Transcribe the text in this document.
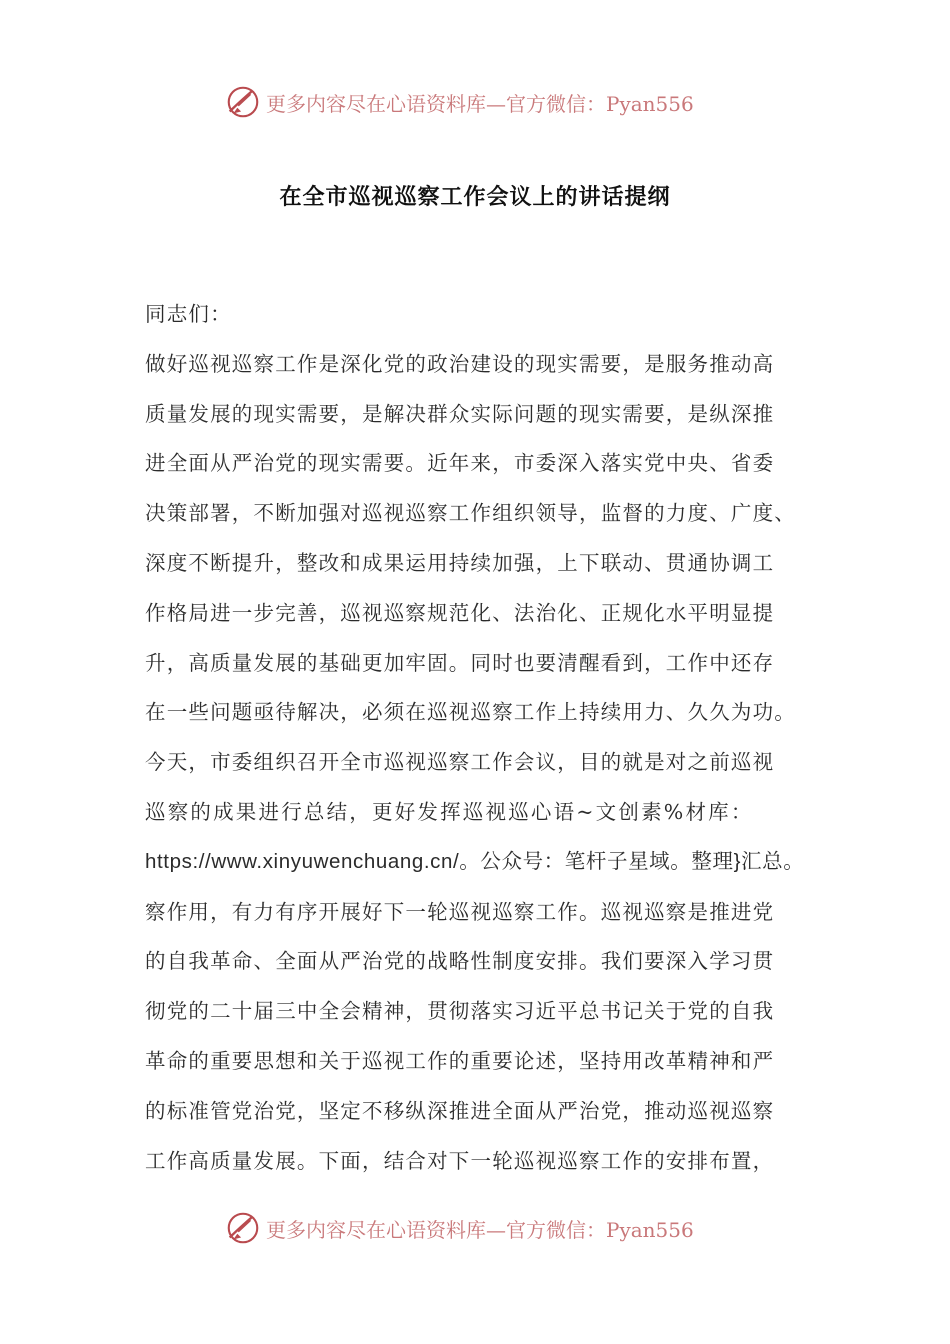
更多内容尽在心语资料库—官方微信：Pyan556
在全市巡视巡察工作会议上的讲话提纲
同志们：
做好巡视巡察工作是深化党的政治建设的现实需要，是服务推动高
质量发展的现实需要，是解决群众实际问题的现实需要，是纵深推
进全面从严治党的现实需要。近年来，市委深入落实党中央、省委
决策部署，不断加强对巡视巡察工作组织领导，监督的力度、广度、
深度不断提升，整改和成果运用持续加强，上下联动、贯通协调工
作格局进一步完善，巡视巡察规范化、法治化、正规化水平明显提
升，高质量发展的基础更加牢固。同时也要清醒看到，工作中还存
在一些问题亟待解决，必须在巡视巡察工作上持续用力、久久为功。
今天，市委组织召开全市巡视巡察工作会议，目的就是对之前巡视
巡察的成果进行总结，更好发挥巡视巡心语~文创素%材库：
https://www.xinyuwenchuang.cn/。公众号：笔杆子星域。整理}汇总。
察作用，有力有序开展好下一轮巡视巡察工作。巡视巡察是推进党
的自我革命、全面从严治党的战略性制度安排。我们要深入学习贯
彻党的二十届三中全会精神，贯彻落实习近平总书记关于党的自我
革命的重要思想和关于巡视工作的重要论述，坚持用改革精神和严
的标准管党治党，坚定不移纵深推进全面从严治党，推动巡视巡察
工作高质量发展。下面，结合对下一轮巡视巡察工作的安排布置，
更多内容尽在心语资料库—官方微信：Pyan556
